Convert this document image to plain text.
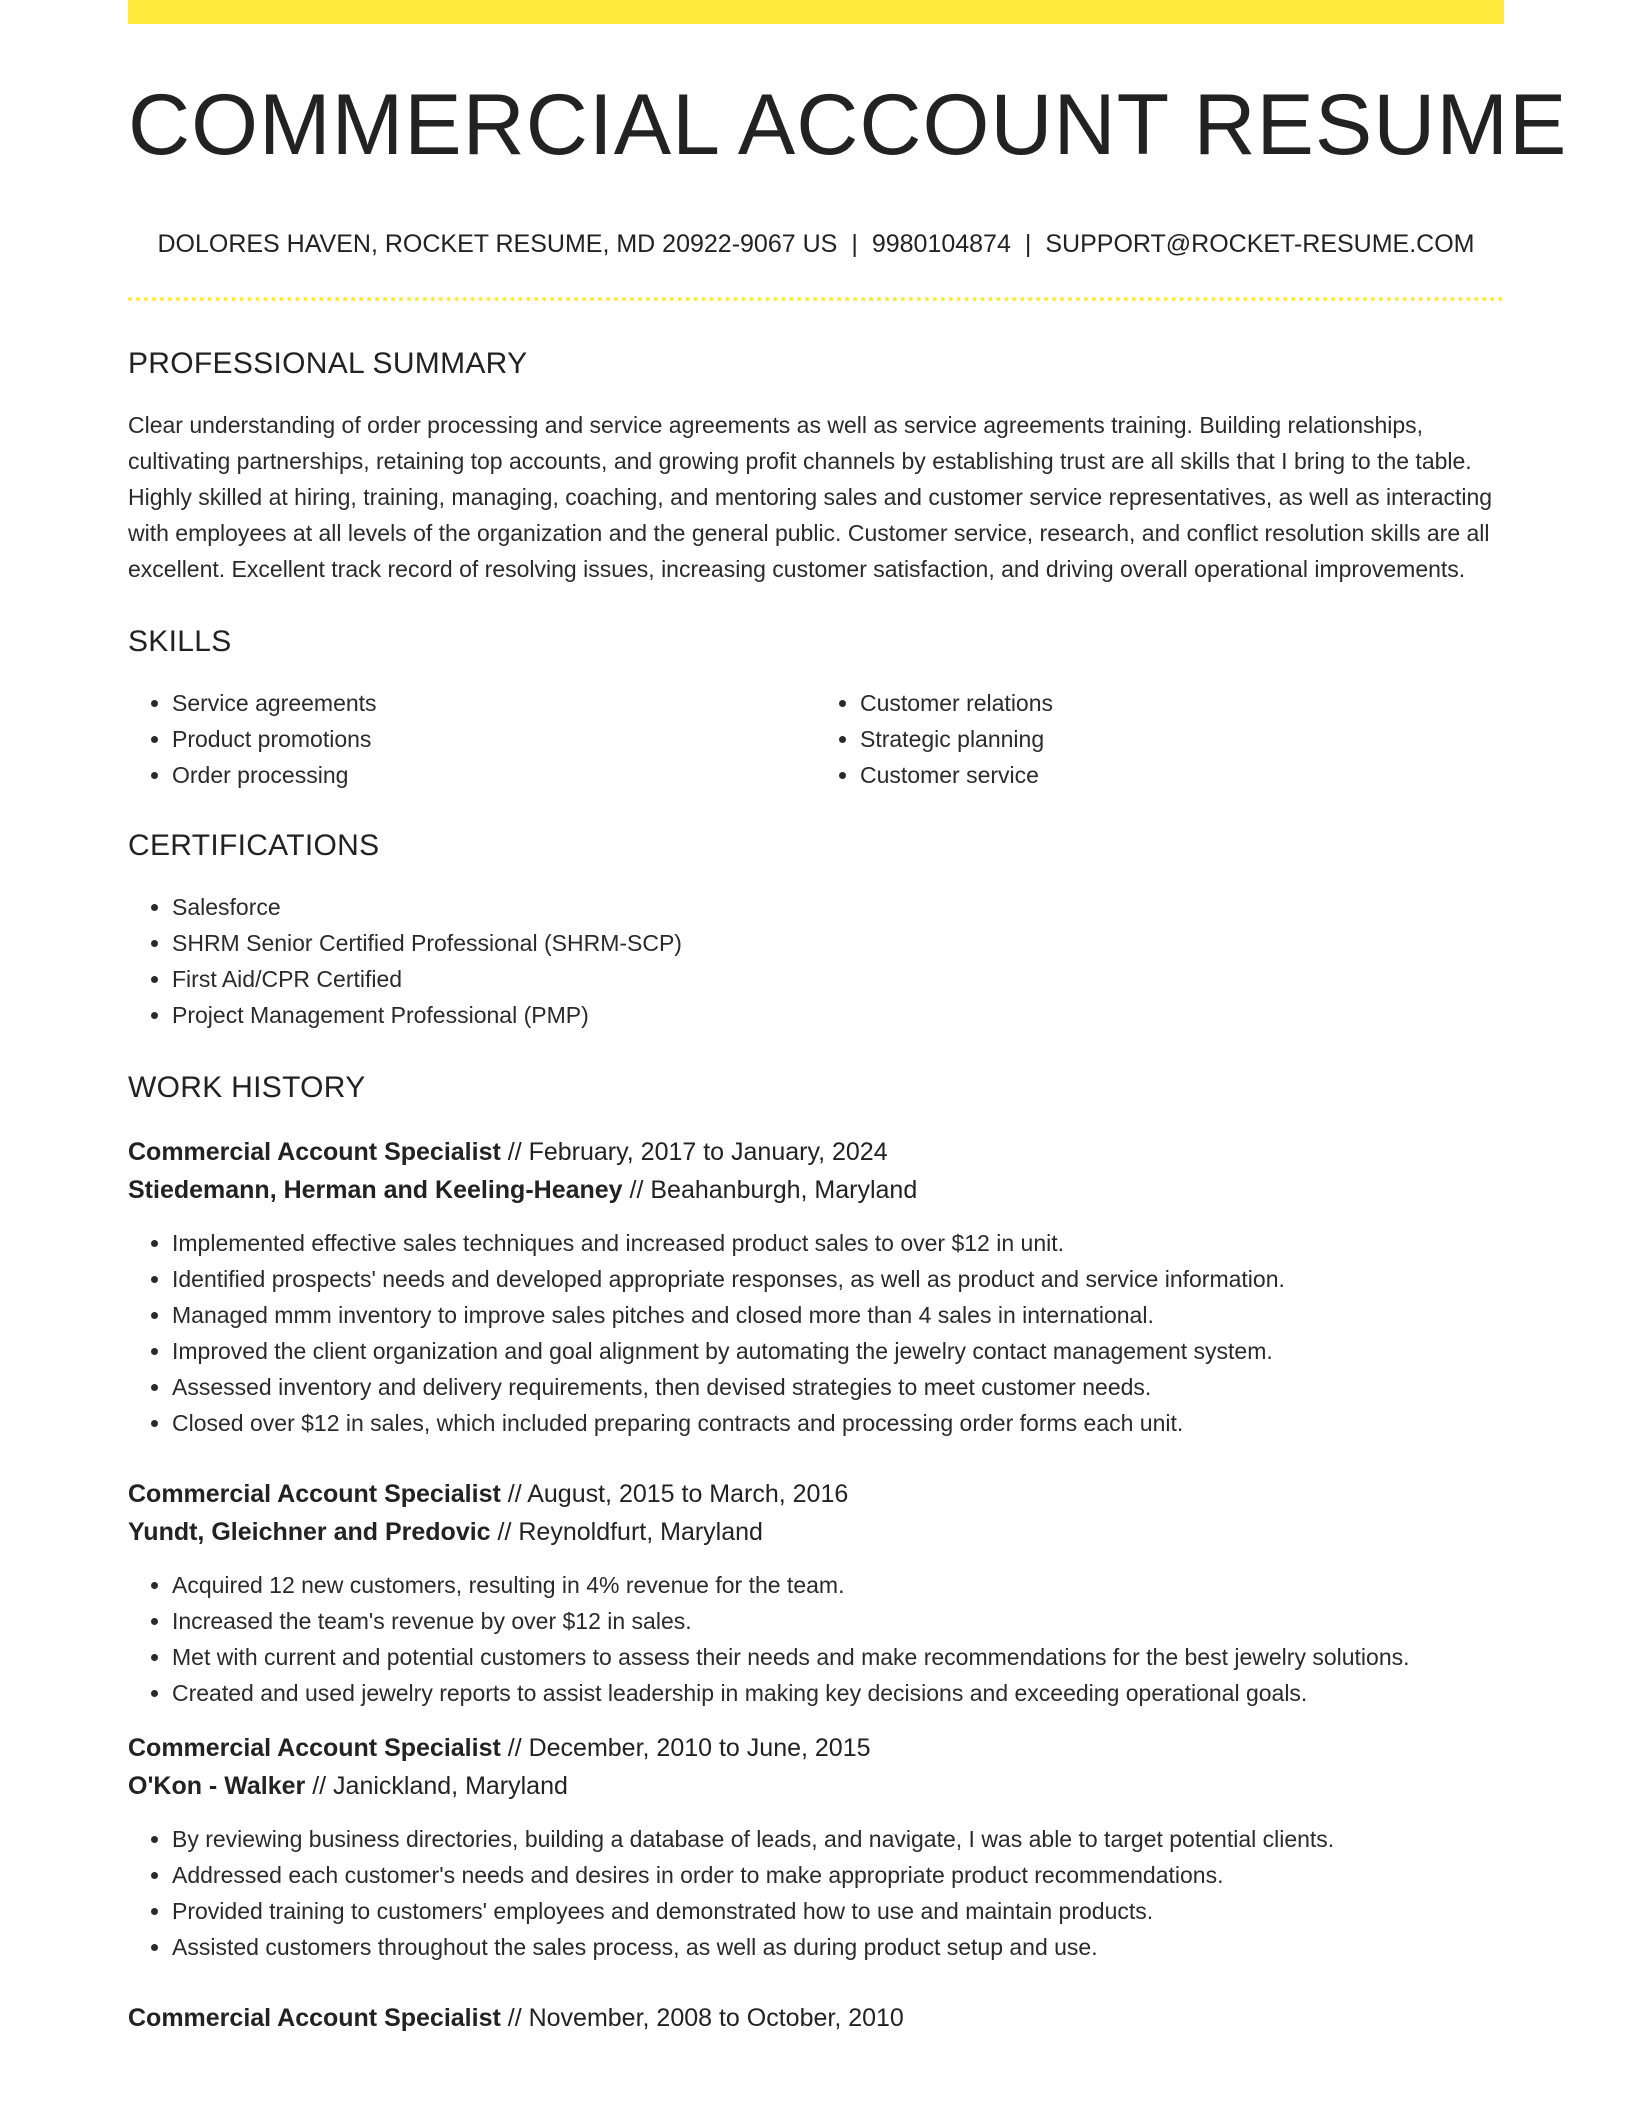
COMMERCIAL ACCOUNT RESUME
DOLORES HAVEN, ROCKET RESUME, MD 20922-9067 US | 9980104874 | SUPPORT@ROCKET-RESUME.COM
PROFESSIONAL SUMMARY

Clear understanding of order processing and service agreements as well as service agreements training. Building relationships, cultivating partnerships, retaining top accounts, and growing profit channels by establishing trust are all skills that I bring to the table. Highly skilled at hiring, training, managing, coaching, and mentoring sales and customer service representatives, as well as interacting with employees at all levels of the organization and the general public. Customer service, research, and conflict resolution skills are all excellent. Excellent track record of resolving issues, increasing customer satisfaction, and driving overall operational improvements.

SKILLS
• Service agreements
• Product promotions
• Order processing
• Customer relations
• Strategic planning
• Customer service
CERTIFICATIONS
• Salesforce
• SHRM Senior Certified Professional (SHRM-SCP)
• First Aid/CPR Certified
• Project Management Professional (PMP)
WORK HISTORY
Commercial Account Specialist // February, 2017 to January, 2024
Stiedemann, Herman and Keeling-Heaney // Beahanburgh, Maryland
• Implemented effective sales techniques and increased product sales to over $12 in unit.
• Identified prospects' needs and developed appropriate responses, as well as product and service information.
• Managed mmm inventory to improve sales pitches and closed more than 4 sales in international.
• Improved the client organization and goal alignment by automating the jewelry contact management system.
• Assessed inventory and delivery requirements, then devised strategies to meet customer needs.
• Closed over $12 in sales, which included preparing contracts and processing order forms each unit.
Commercial Account Specialist // August, 2015 to March, 2016
Yundt, Gleichner and Predovic // Reynoldfurt, Maryland
• Acquired 12 new customers, resulting in 4% revenue for the team.
• Increased the team's revenue by over $12 in sales.
• Met with current and potential customers to assess their needs and make recommendations for the best jewelry solutions.
• Created and used jewelry reports to assist leadership in making key decisions and exceeding operational goals.
Commercial Account Specialist // December, 2010 to June, 2015
O'Kon - Walker // Janickland, Maryland
• By reviewing business directories, building a database of leads, and navigate, I was able to target potential clients.
• Addressed each customer's needs and desires in order to make appropriate product recommendations.
• Provided training to customers' employees and demonstrated how to use and maintain products.
• Assisted customers throughout the sales process, as well as during product setup and use.
Commercial Account Specialist // November, 2008 to October, 2010
